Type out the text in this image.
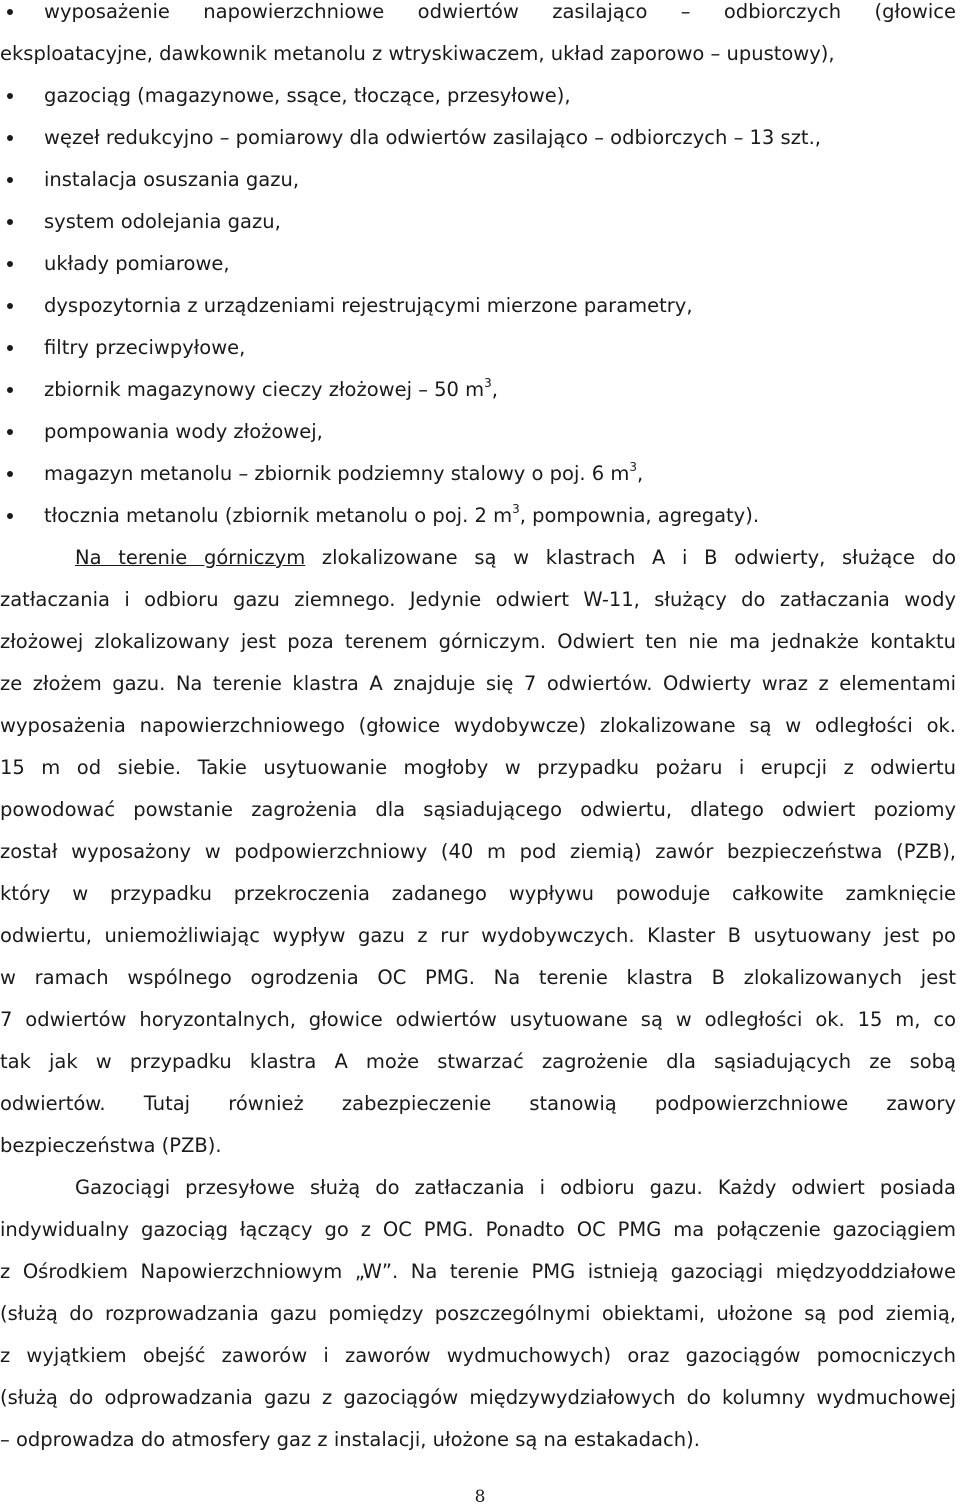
wyposażenie napowierzchniowe odwiertów zasilająco – odbiorczych (głowice
eksploatacyjne, dawkownik metanolu z wtryskiwaczem, układ zaporowo – upustowy),
gazociąg (magazynowe, ssące, tłoczące, przesyłowe),
węzeł redukcyjno – pomiarowy dla odwiertów zasilająco – odbiorczych – 13 szt.,
instalacja osuszania gazu,
system odolejania gazu,
układy pomiarowe,
dyspozytornia z urządzeniami rejestrującymi mierzone parametry,
filtry przeciwpyłowe,
zbiornik magazynowy cieczy złożowej – 50 $m^3$,
pompowania wody złożowej,
magazyn metanolu – zbiornik podziemny stalowy o poj. 6 $m^3$,
tłocznia metanolu (zbiornik metanolu o poj. 2 $m^3$, pompownia, agregaty).
Na terenie górniczym zlokalizowane są w klastrach A i B odwierty, służące do
zatłaczania i odbioru gazu ziemnego. Jedynie odwiert W-11, służący do zatłaczania wody
złożowej zlokalizowany jest poza terenem górniczym. Odwiert ten nie ma jednakże kontaktu
ze złożem gazu. Na terenie klastra A znajduje się 7 odwiertów. Odwierty wraz z elementami
wyposażenia napowierzchniowego (głowice wydobywcze) zlokalizowane są w odległości ok.
15 m od siebie. Takie usytuowanie mogłoby w przypadku pożaru i erupcji z odwiertu
powodować powstanie zagrożenia dla sąsiadującego odwiertu, dlatego odwiert poziomy
został wyposażony w podpowierzchniowy (40 m pod ziemią) zawór bezpieczeństwa (PZB),
który w przypadku przekroczenia zadanego wypływu powoduje całkowite zamknięcie
odwiertu, uniemożliwiając wypływ gazu z rur wydobywczych. Klaster B usytuowany jest po
w ramach wspólnego ogrodzenia OC PMG. Na terenie klastra B zlokalizowanych jest
7 odwiertów horyzontalnych, głowice odwiertów usytuowane są w odległości ok. 15 m, co
tak jak w przypadku klastra A może stwarzać zagrożenie dla sąsiadujących ze sobą
odwiertów. Tutaj również zabezpieczenie stanowią podpowierzchniowe zawory
bezpieczeństwa (PZB).
Gazociągi przesyłowe służą do zatłaczania i odbioru gazu. Każdy odwiert posiada
indywidualny gazociąg łączący go z OC PMG. Ponadto OC PMG ma połączenie gazociągiem
z Ośrodkiem Napowierzchniowym „W”. Na terenie PMG istnieją gazociągi międzyoddziałowe
(służą do rozprowadzania gazu pomiędzy poszczególnymi obiektami, ułożone są pod ziemią,
z wyjątkiem obejść zaworów i zaworów wydmuchowych) oraz gazociągów pomocniczych
(służą do odprowadzania gazu z gazociągów międzywydziałowych do kolumny wydmuchowej
– odprowadza do atmosfery gaz z instalacji, ułożone są na estakadach).
8
